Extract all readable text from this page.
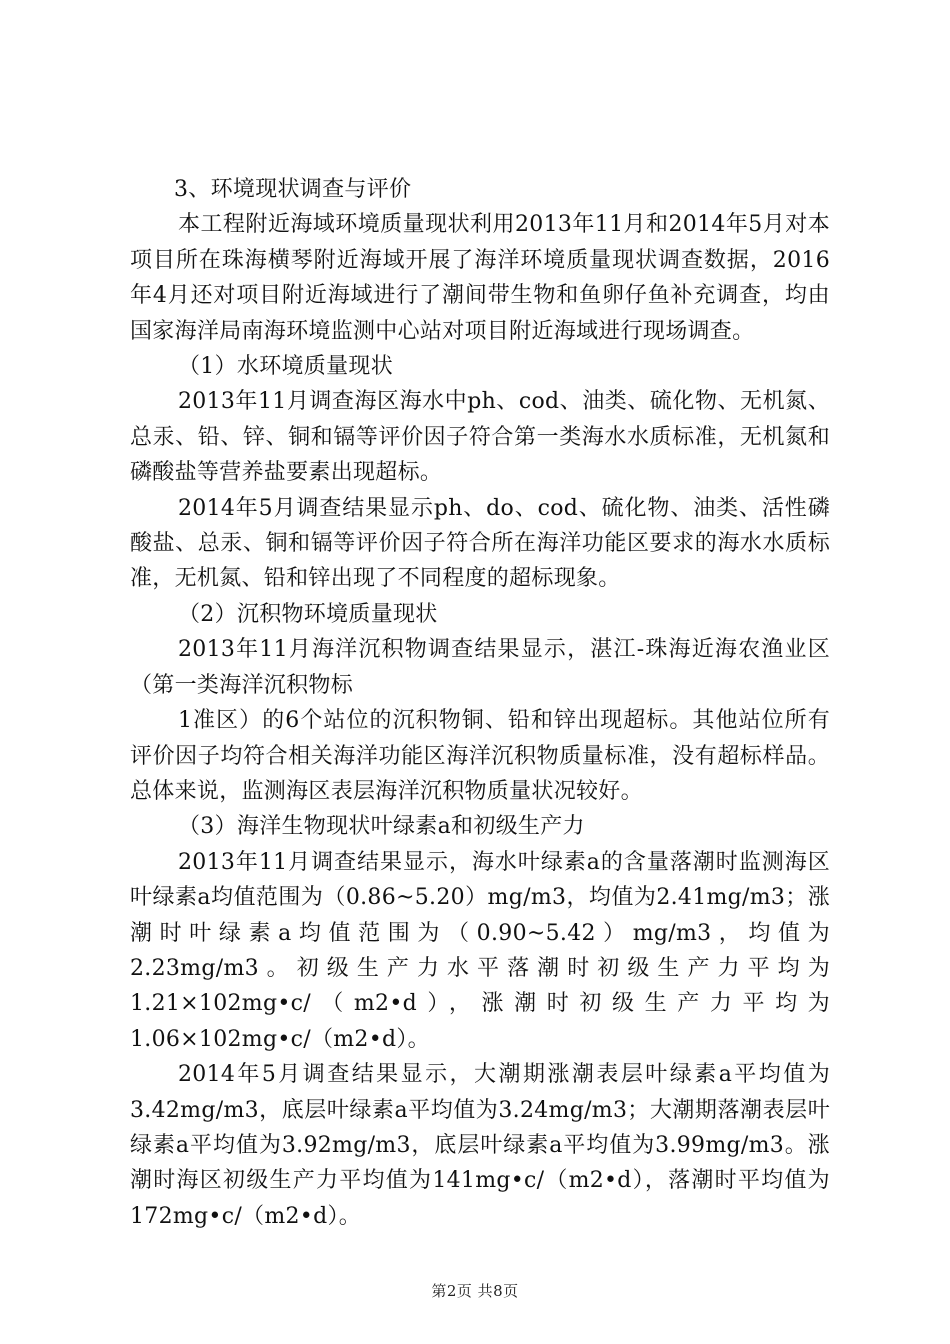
3、环境现状调查与评价

本工程附近海域环境质量现状利用2013年11月和2014年5月对本项目所在珠海横琴附近海域开展了海洋环境质量现状调查数据，2016年4月还对项目附近海域进行了潮间带生物和鱼卵仔鱼补充调查，均由国家海洋局南海环境监测中心站对项目附近海域进行现场调查。

（1）水环境质量现状

2013年11月调查海区海水中ph、cod、油类、硫化物、无机氮、总汞、铅、锌、铜和镉等评价因子符合第一类海水水质标准，无机氮和磷酸盐等营养盐要素出现超标。

2014年5月调查结果显示ph、do、cod、硫化物、油类、活性磷酸盐、总汞、铜和镉等评价因子符合所在海洋功能区要求的海水水质标准，无机氮、铅和锌出现了不同程度的超标现象。

（2）沉积物环境质量现状

2013年11月海洋沉积物调查结果显示，湛江-珠海近海农渔业区（第一类海洋沉积物标

1准区）的6个站位的沉积物铜、铅和锌出现超标。其他站位所有评价因子均符合相关海洋功能区海洋沉积物质量标准，没有超标样品。总体来说，监测海区表层海洋沉积物质量状况较好。

（3）海洋生物现状叶绿素a和初级生产力

2013年11月调查结果显示，海水叶绿素a的含量落潮时监测海区叶绿素a均值范围为（0.86~5.20）mg/m3，均值为2.41mg/m3；涨潮时叶绿素a均值范围为（0.90~5.42）mg/m3，均值为2.23mg/m3。初级生产力水平落潮时初级生产力平均为1.21×102mg•c/（m2•d），涨潮时初级生产力平均为1.06×102mg•c/（m2•d）。

2014年5月调查结果显示，大潮期涨潮表层叶绿素a平均值为3.42mg/m3，底层叶绿素a平均值为3.24mg/m3；大潮期落潮表层叶绿素a平均值为3.92mg/m3，底层叶绿素a平均值为3.99mg/m3。涨潮时海区初级生产力平均值为141mg•c/（m2•d），落潮时平均值为172mg•c/（m2•d）。

第2页 共8页
